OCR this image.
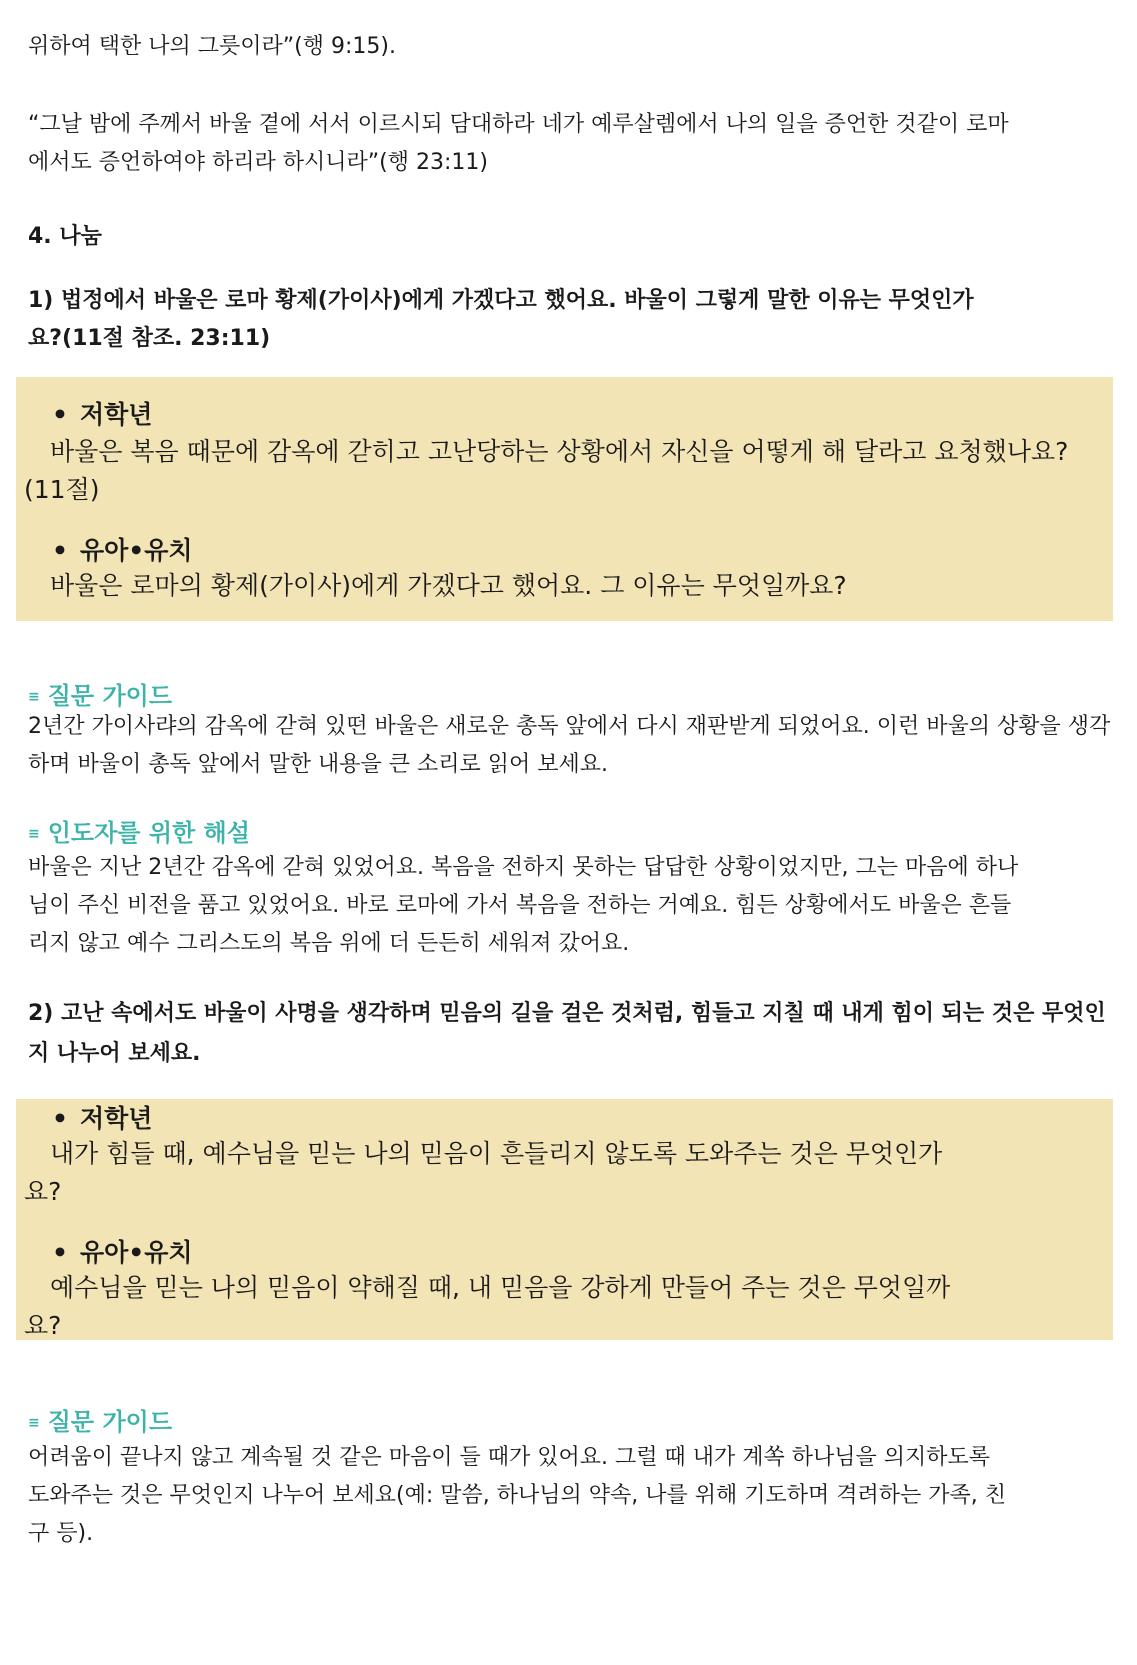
위하여 택한 나의 그릇이라”(행 9:15).

“그날 밤에 주께서 바울 곁에 서서 이르시되 담대하라 네가 예루살렘에서 나의 일을 증언한 것같이 로마에서도 증언하여야 하리라 하시니라”(행 23:11)

4. 나눔

1) 법정에서 바울은 로마 황제(가이사)에게 가겠다고 했어요. 바울이 그렇게 말한 이유는 무엇인가요?(11절 참조. 23:11)

• 저학년

바울은 복음 때문에 감옥에 갇히고 고난당하는 상황에서 자신을 어떻게 해 달라고 요청했나요?(11절)

• 유아•유치

바울은 로마의 황제(가이사)에게 가겠다고 했어요. 그 이유는 무엇일까요?

≡ 질문 가이드

2년간 가이사랴의 감옥에 갇혀 있떤 바울은 새로운 총독 앞에서 다시 재판받게 되었어요. 이런 바울의 상황을 생각하며 바울이 총독 앞에서 말한 내용을 큰 소리로 읽어 보세요.

≡ 인도자를 위한 해설

바울은 지난 2년간 감옥에 갇혀 있었어요. 복음을 전하지 못하는 답답한 상황이었지만, 그는 마음에 하나님이 주신 비전을 품고 있었어요. 바로 로마에 가서 복음을 전하는 거예요. 힘든 상황에서도 바울은 흔들리지 않고 예수 그리스도의 복음 위에 더 든든히 세워져 갔어요.

2) 고난 속에서도 바울이 사명을 생각하며 믿음의 길을 걸은 것처럼, 힘들고 지칠 때 내게 힘이 되는 것은 무엇인지 나누어 보세요.

• 저학년

내가 힘들 때, 예수님을 믿는 나의 믿음이 흔들리지 않도록 도와주는 것은 무엇인가요?

• 유아•유치

예수님을 믿는 나의 믿음이 약해질 때, 내 믿음을 강하게 만들어 주는 것은 무엇일까요?

≡ 질문 가이드

어려움이 끝나지 않고 계속될 것 같은 마음이 들 때가 있어요. 그럴 때 내가 계쏙 하나님을 의지하도록 도와주는 것은 무엇인지 나누어 보세요(예: 말씀, 하나님의 약속, 나를 위해 기도하며 격려하는 가족, 친구 등).
